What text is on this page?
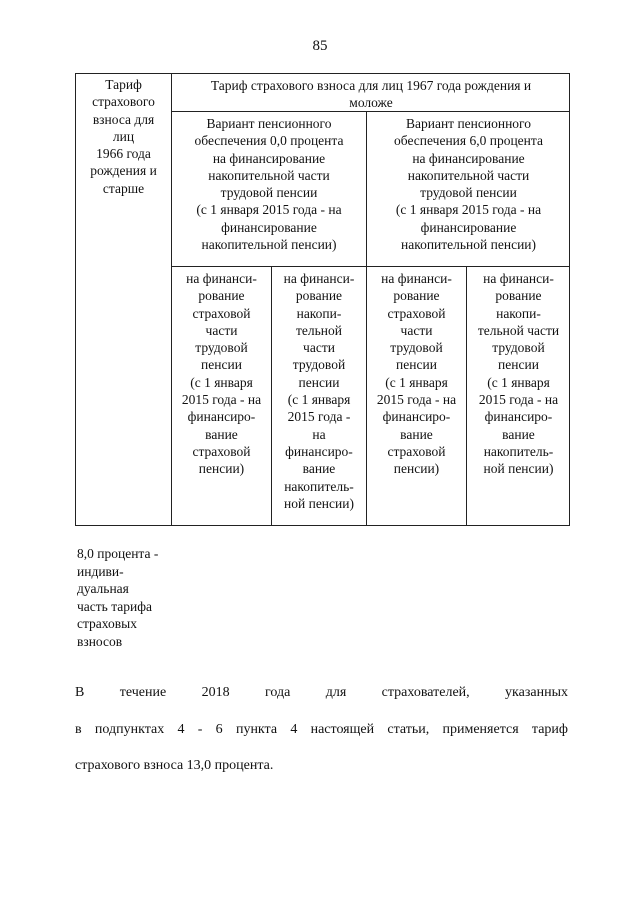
85
Тариф
страхового
взноса для
лиц
1966 года
рождения и
старше
Тариф страхового взноса для лиц 1967 года рождения и
моложе
Вариант пенсионного
обеспечения 0,0 процента
на финансирование
накопительной части
трудовой пенсии
(с 1 января 2015 года - на
финансирование
накопительной пенсии)
Вариант пенсионного
обеспечения 6,0 процента
на финансирование
накопительной части
трудовой пенсии
(с 1 января 2015 года - на
финансирование
накопительной пенсии)
на финанси-
рование
страховой
части
трудовой
пенсии
(с 1 января
2015 года - на
финансиро-
вание
страховой
пенсии)
на финанси-
рование
накопи-
тельной
части
трудовой
пенсии
(с 1 января
2015 года -
на
финансиро-
вание
накопитель-
ной пенсии)
на финанси-
рование
страховой
части
трудовой
пенсии
(с 1 января
2015 года - на
финансиро-
вание
страховой
пенсии)
на финанси-
рование
накопи-
тельной части
трудовой
пенсии
(с 1 января
2015 года - на
финансиро-
вание
накопитель-
ной пенсии)
8,0 процента -
индиви-
дуальная
часть тарифа
страховых
взносов
В течение 2018 года для страхователей, указанных
в подпунктах 4 - 6 пункта 4 настоящей статьи, применяется тариф
страхового взноса 13,0 процента.
